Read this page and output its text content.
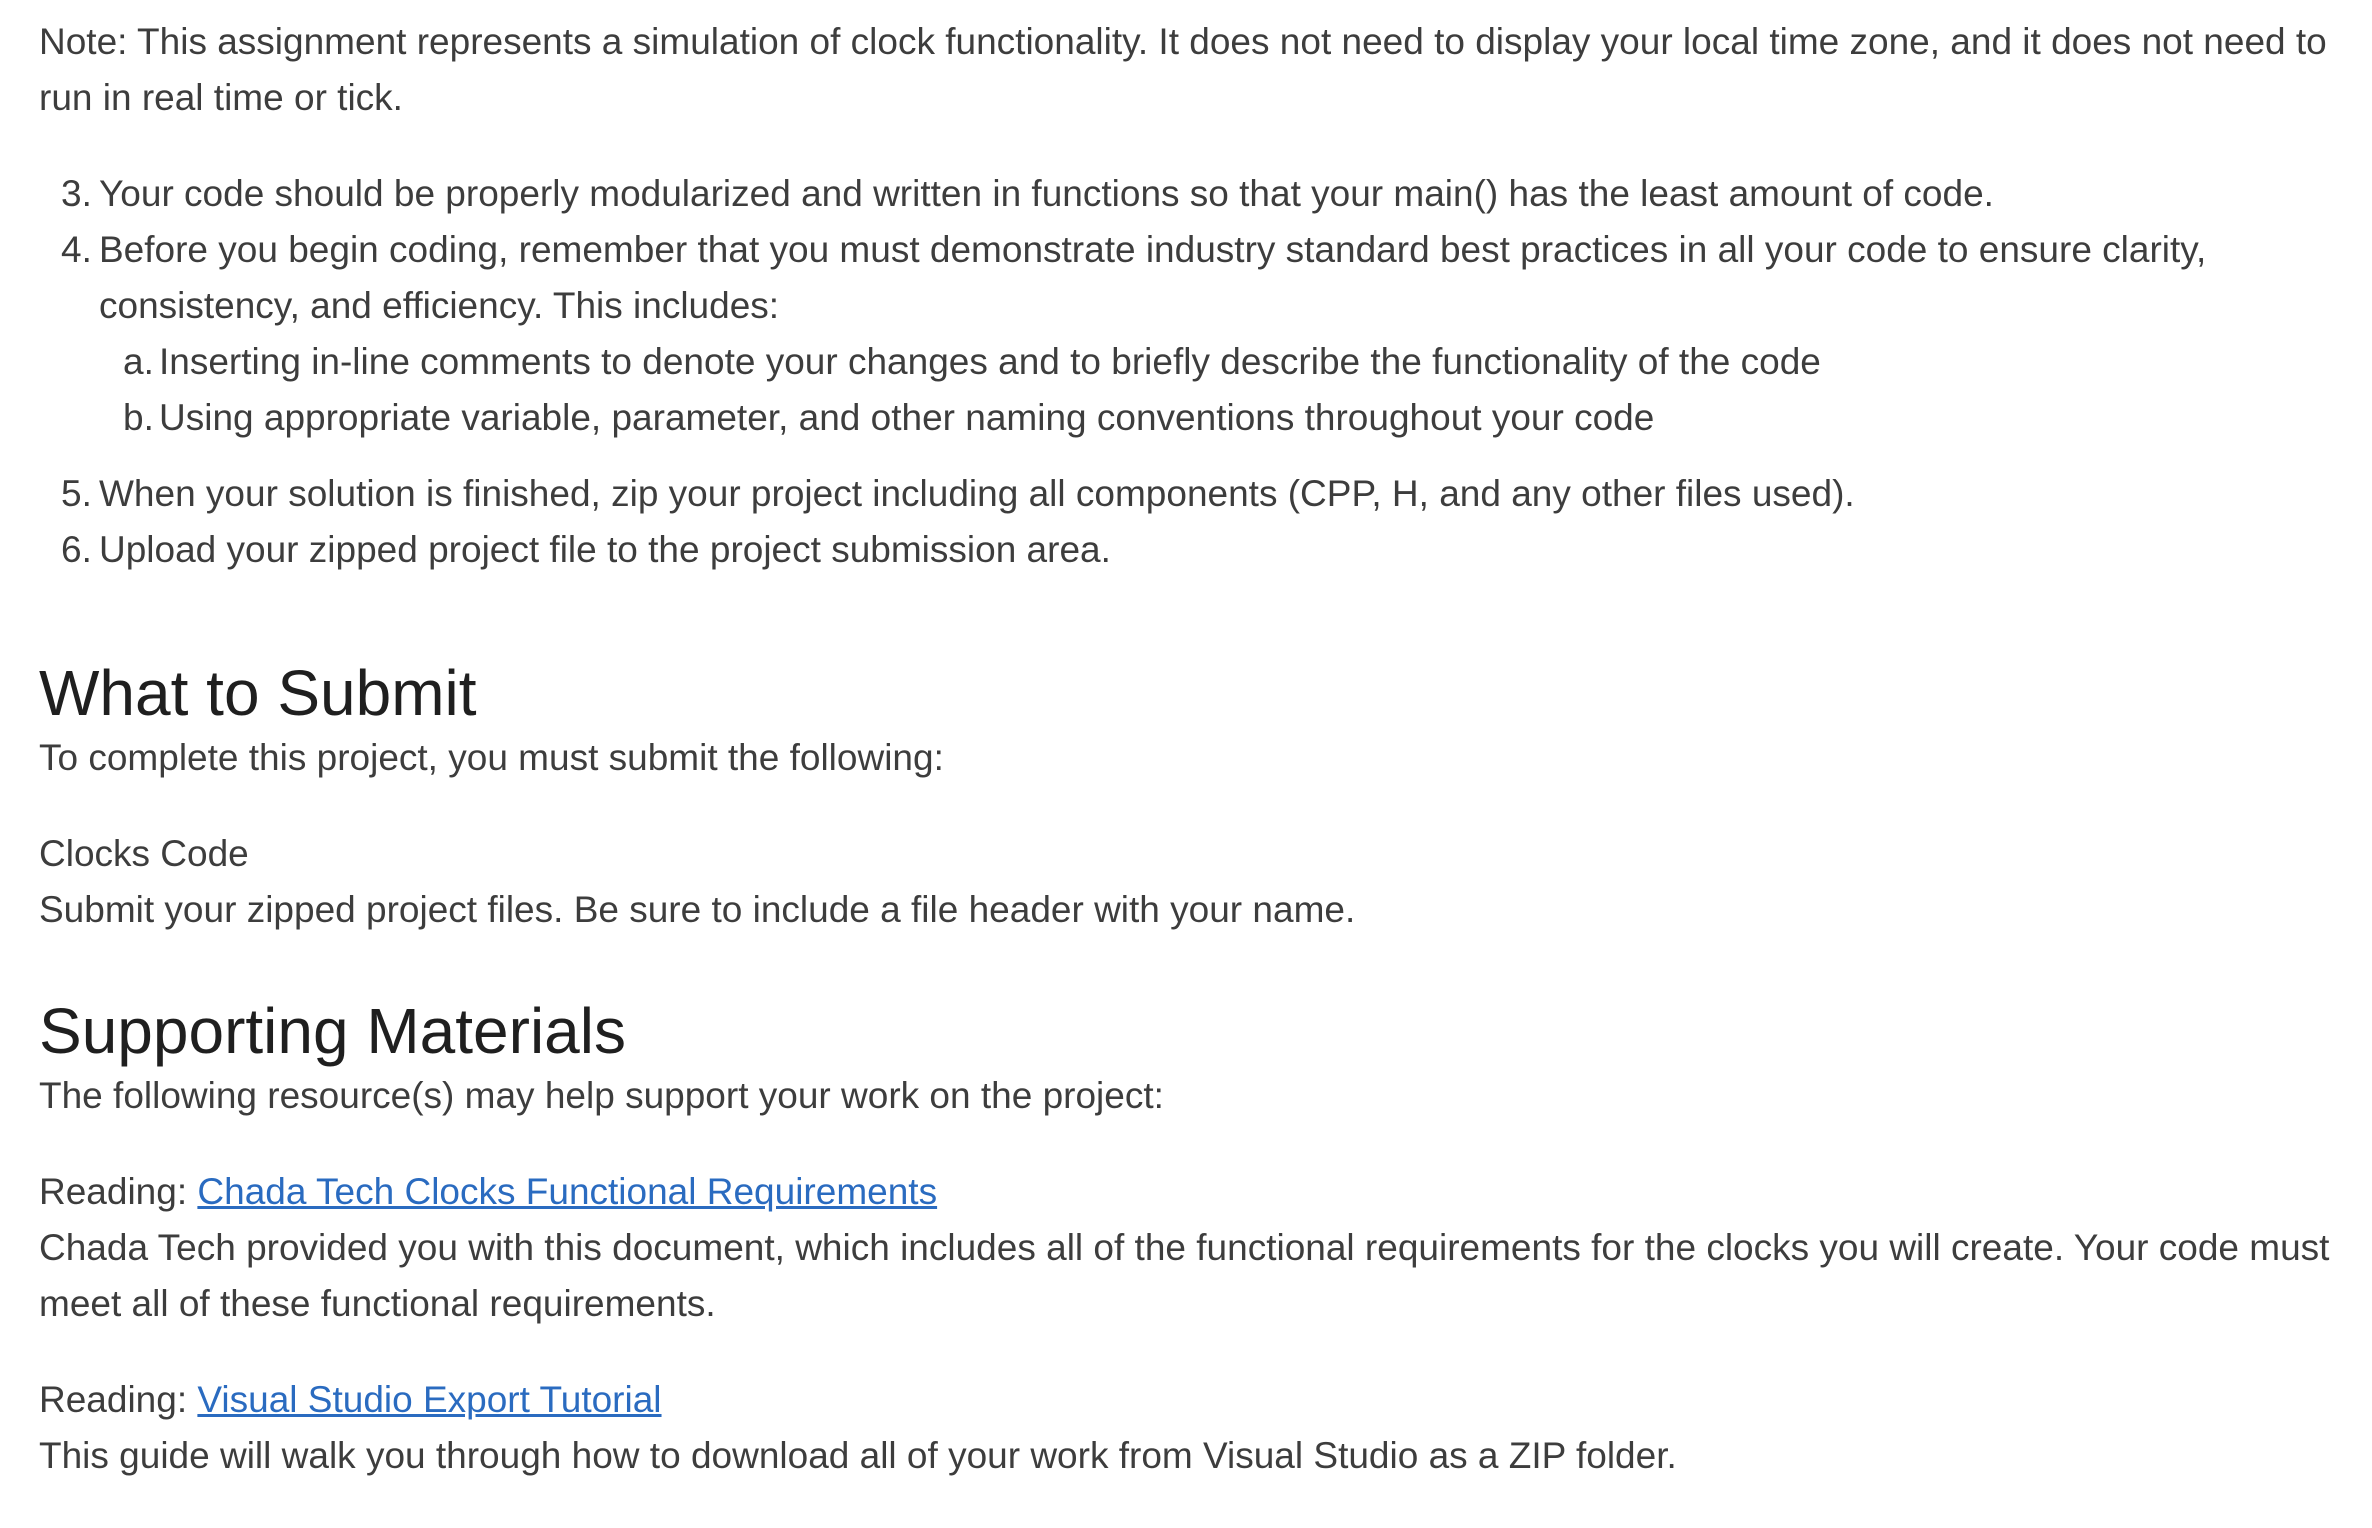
Note: This assignment represents a simulation of clock functionality. It does not need to display your local time zone, and it does not need to run in real time or tick.

3. Your code should be properly modularized and written in functions so that your main() has the least amount of code.
4. Before you begin coding, remember that you must demonstrate industry standard best practices in all your code to ensure clarity, consistency, and efficiency. This includes:
a. Inserting in-line comments to denote your changes and to briefly describe the functionality of the code
b. Using appropriate variable, parameter, and other naming conventions throughout your code
5. When your solution is finished, zip your project including all components (CPP, H, and any other files used).
6. Upload your zipped project file to the project submission area.
What to Submit

To complete this project, you must submit the following:

Clocks Code

Submit your zipped project files. Be sure to include a file header with your name.

Supporting Materials

The following resource(s) may help support your work on the project:

Reading: Chada Tech Clocks Functional Requirements

Chada Tech provided you with this document, which includes all of the functional requirements for the clocks you will create. Your code must meet all of these functional requirements.

Reading: Visual Studio Export Tutorial

This guide will walk you through how to download all of your work from Visual Studio as a ZIP folder.
